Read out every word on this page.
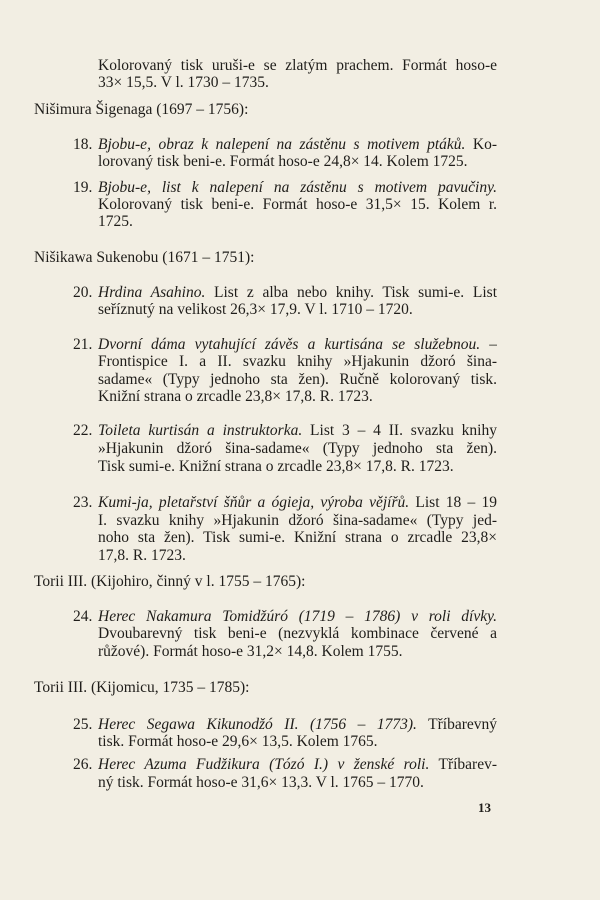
Kolorovaný tisk uruši-e se zlatým prachem. Formát hoso-e
33× 15,5. V l. 1730 – 1735.
Nišimura Šigenaga (1697 – 1756):
18. Bjobu-e, obraz k nalepení na zástěnu s motivem ptáků. Ko-
lorovaný tisk beni-e. Formát hoso-e 24,8× 14. Kolem 1725.
19. Bjobu-e, list k nalepení na zástěnu s motivem pavučiny.
Kolorovaný tisk beni-e. Formát hoso-e 31,5× 15. Kolem r.
1725.
Nišikawa Sukenobu (1671 – 1751):
20. Hrdina Asahino. List z alba nebo knihy. Tisk sumi-e. List
seříznutý na velikost 26,3× 17,9. V l. 1710 – 1720.
21. Dvorní dáma vytahující závěs a kurtisána se služebnou. –
Frontispice I. a II. svazku knihy »Hjakunin džoró šina-
sadame« (Typy jednoho sta žen). Ručně kolorovaný tisk.
Knižní strana o zrcadle 23,8× 17,8. R. 1723.
22. Toileta kurtisán a instruktorka. List 3 – 4 II. svazku knihy
»Hjakunin džoró šina-sadame« (Typy jednoho sta žen).
Tisk sumi-e. Knižní strana o zrcadle 23,8× 17,8. R. 1723.
23. Kumi-ja, pletařství šňůr a ógieja, výroba vějířů. List 18 – 19
I. svazku knihy »Hjakunin džoró šina-sadame« (Typy jed-
noho sta žen). Tisk sumi-e. Knižní strana o zrcadle 23,8×
17,8. R. 1723.
Torii III. (Kijohiro, činný v l. 1755 – 1765):
24. Herec Nakamura Tomidžúró (1719 – 1786) v roli dívky.
Dvoubarevný tisk beni-e (nezvyklá kombinace červené a
růžové). Formát hoso-e 31,2× 14,8. Kolem 1755.
Torii III. (Kijomicu, 1735 – 1785):
25. Herec Segawa Kikunodžó II. (1756 – 1773). Tříbarevný
tisk. Formát hoso-e 29,6× 13,5. Kolem 1765.
26. Herec Azuma Fudžikura (Tózó I.) v ženské roli. Tříbarev-
ný tisk. Formát hoso-e 31,6× 13,3. V l. 1765 – 1770.
13
